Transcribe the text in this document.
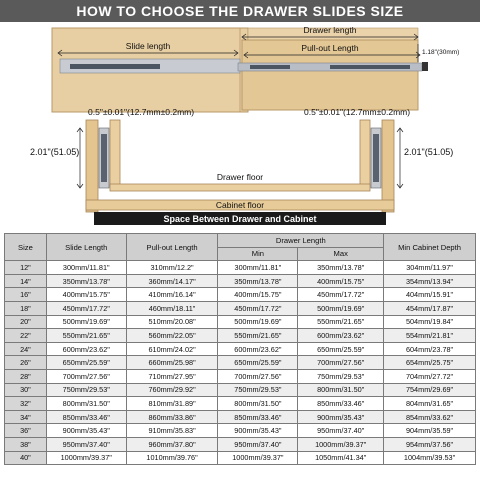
HOW TO CHOOSE THE DRAWER SLIDES SIZE
Drawer length
Slide length	Pull-out Length	1.18"(30mm)
0.5"±0.01"(12.7mm±0.2mm)	0.5"±0.01"(12.7mm±0.2mm)
2.01"(51.05)	2.01"(51.05)
Drawer floor
Cabinet floor
Space Between Drawer and Cabinet
Size	Slide Length	Pull-out Length	Drawer Length		Min Cabinet Depth
			Min	Max	
12"	300mm/11.81"	310mm/12.2"	300mm/11.81"	350mm/13.78"	304mm/11.97"
14"	350mm/13.78"	360mm/14.17"	350mm/13.78"	400mm/15.75"	354mm/13.94"
16"	400mm/15.75"	410mm/16.14"	400mm/15.75"	450mm/17.72"	404mm/15.91"
18"	450mm/17.72"	460mm/18.11"	450mm/17.72"	500mm/19.69"	454mm/17.87"
20"	500mm/19.69"	510mm/20.08"	500mm/19.69"	550mm/21.65"	504mm/19.84"
22"	550mm/21.65"	560mm/22.05"	550mm/21.65"	600mm/23.62"	554mm/21.81"
24"	600mm/23.62"	610mm/24.02"	600mm/23.62"	650mm/25.59"	604mm/23.78"
26"	650mm/25.59"	660mm/25.98"	650mm/25.59"	700mm/27.56"	654mm/25.75"
28"	700mm/27.56"	710mm/27.95"	700mm/27.56"	750mm/29.53"	704mm/27.72"
30"	750mm/29.53"	760mm/29.92"	750mm/29.53"	800mm/31.50"	754mm/29.69"
32"	800mm/31.50"	810mm/31.89"	800mm/31.50"	850mm/33.46"	804mm/31.65"
34"	850mm/33.46"	860mm/33.86"	850mm/33.46"	900mm/35.43"	854mm/33.62"
36"	900mm/35.43"	910mm/35.83"	900mm/35.43"	950mm/37.40"	904mm/35.59"
38"	950mm/37.40"	960mm/37.80"	950mm/37.40"	1000mm/39.37"	954mm/37.56"
40"	1000mm/39.37"	1010mm/39.76"	1000mm/39.37"	1050mm/41.34"	1004mm/39.53"
